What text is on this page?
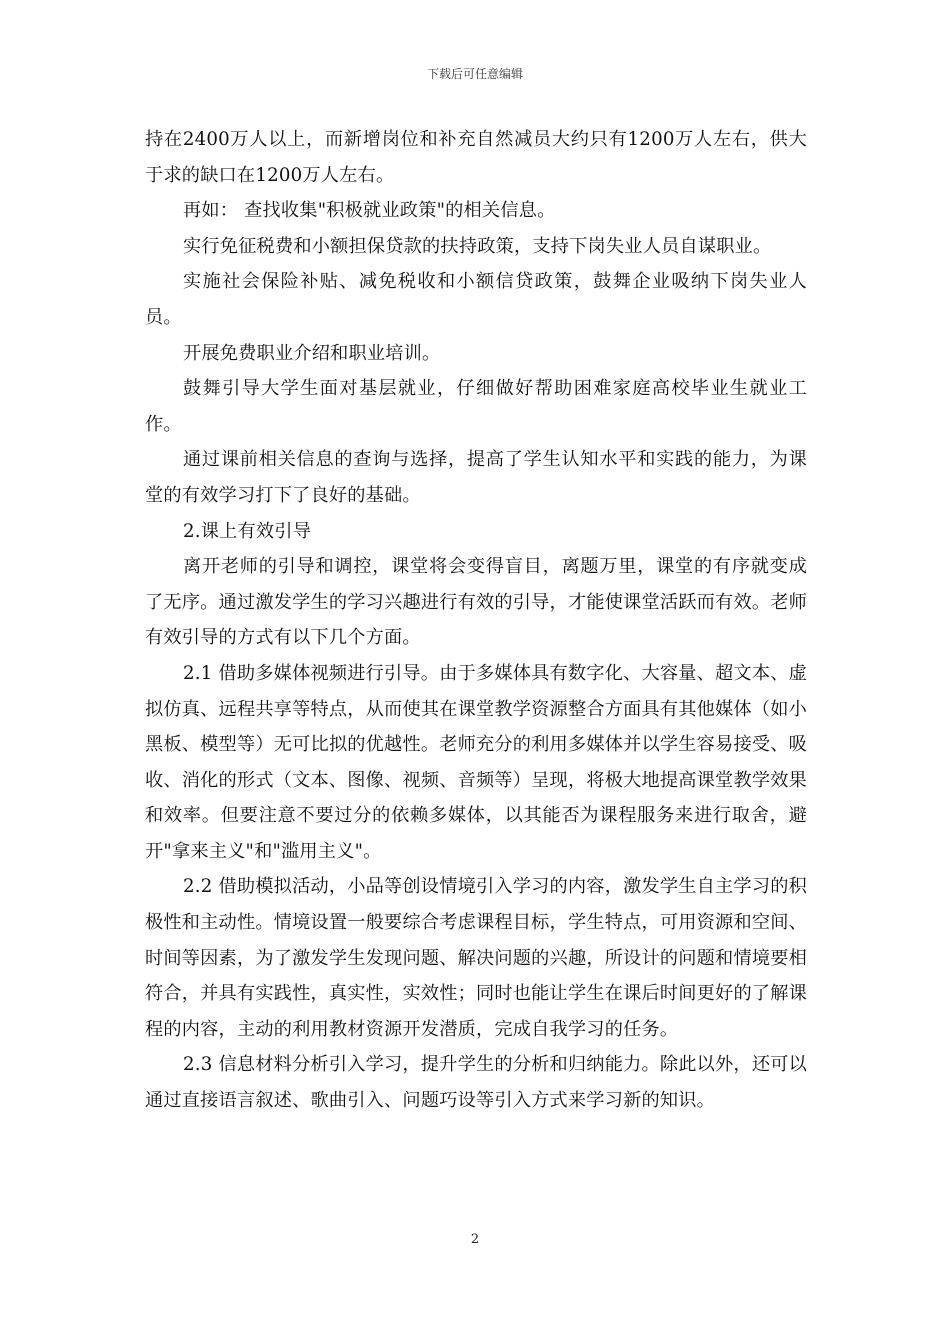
下载后可任意编辑

持在2400万人以上，而新增岗位和补充自然减员大约只有1200万人左右，供大于求的缺口在1200万人左右。

再如： 查找收集"积极就业政策"的相关信息。

实行免征税费和小额担保贷款的扶持政策，支持下岗失业人员自谋职业。

实施社会保险补贴、减免税收和小额信贷政策，鼓舞企业吸纳下岗失业人员。

开展免费职业介绍和职业培训。

鼓舞引导大学生面对基层就业，仔细做好帮助困难家庭高校毕业生就业工作。

通过课前相关信息的查询与选择，提高了学生认知水平和实践的能力，为课堂的有效学习打下了良好的基础。

2.课上有效引导

离开老师的引导和调控，课堂将会变得盲目，离题万里，课堂的有序就变成了无序。通过激发学生的学习兴趣进行有效的引导，才能使课堂活跃而有效。老师有效引导的方式有以下几个方面。

2.1 借助多媒体视频进行引导。由于多媒体具有数字化、大容量、超文本、虚拟仿真、远程共享等特点，从而使其在课堂教学资源整合方面具有其他媒体（如小黑板、模型等）无可比拟的优越性。老师充分的利用多媒体并以学生容易接受、吸收、消化的形式（文本、图像、视频、音频等）呈现，将极大地提高课堂教学效果和效率。但要注意不要过分的依赖多媒体，以其能否为课程服务来进行取舍，避开"拿来主义"和"滥用主义"。

2.2 借助模拟活动，小品等创设情境引入学习的内容，激发学生自主学习的积极性和主动性。情境设置一般要综合考虑课程目标，学生特点，可用资源和空间、时间等因素，为了激发学生发现问题、解决问题的兴趣，所设计的问题和情境要相符合，并具有实践性，真实性，实效性；同时也能让学生在课后时间更好的了解课程的内容，主动的利用教材资源开发潜质，完成自我学习的任务。

2.3 信息材料分析引入学习，提升学生的分析和归纳能力。除此以外，还可以通过直接语言叙述、歌曲引入、问题巧设等引入方式来学习新的知识。

2
